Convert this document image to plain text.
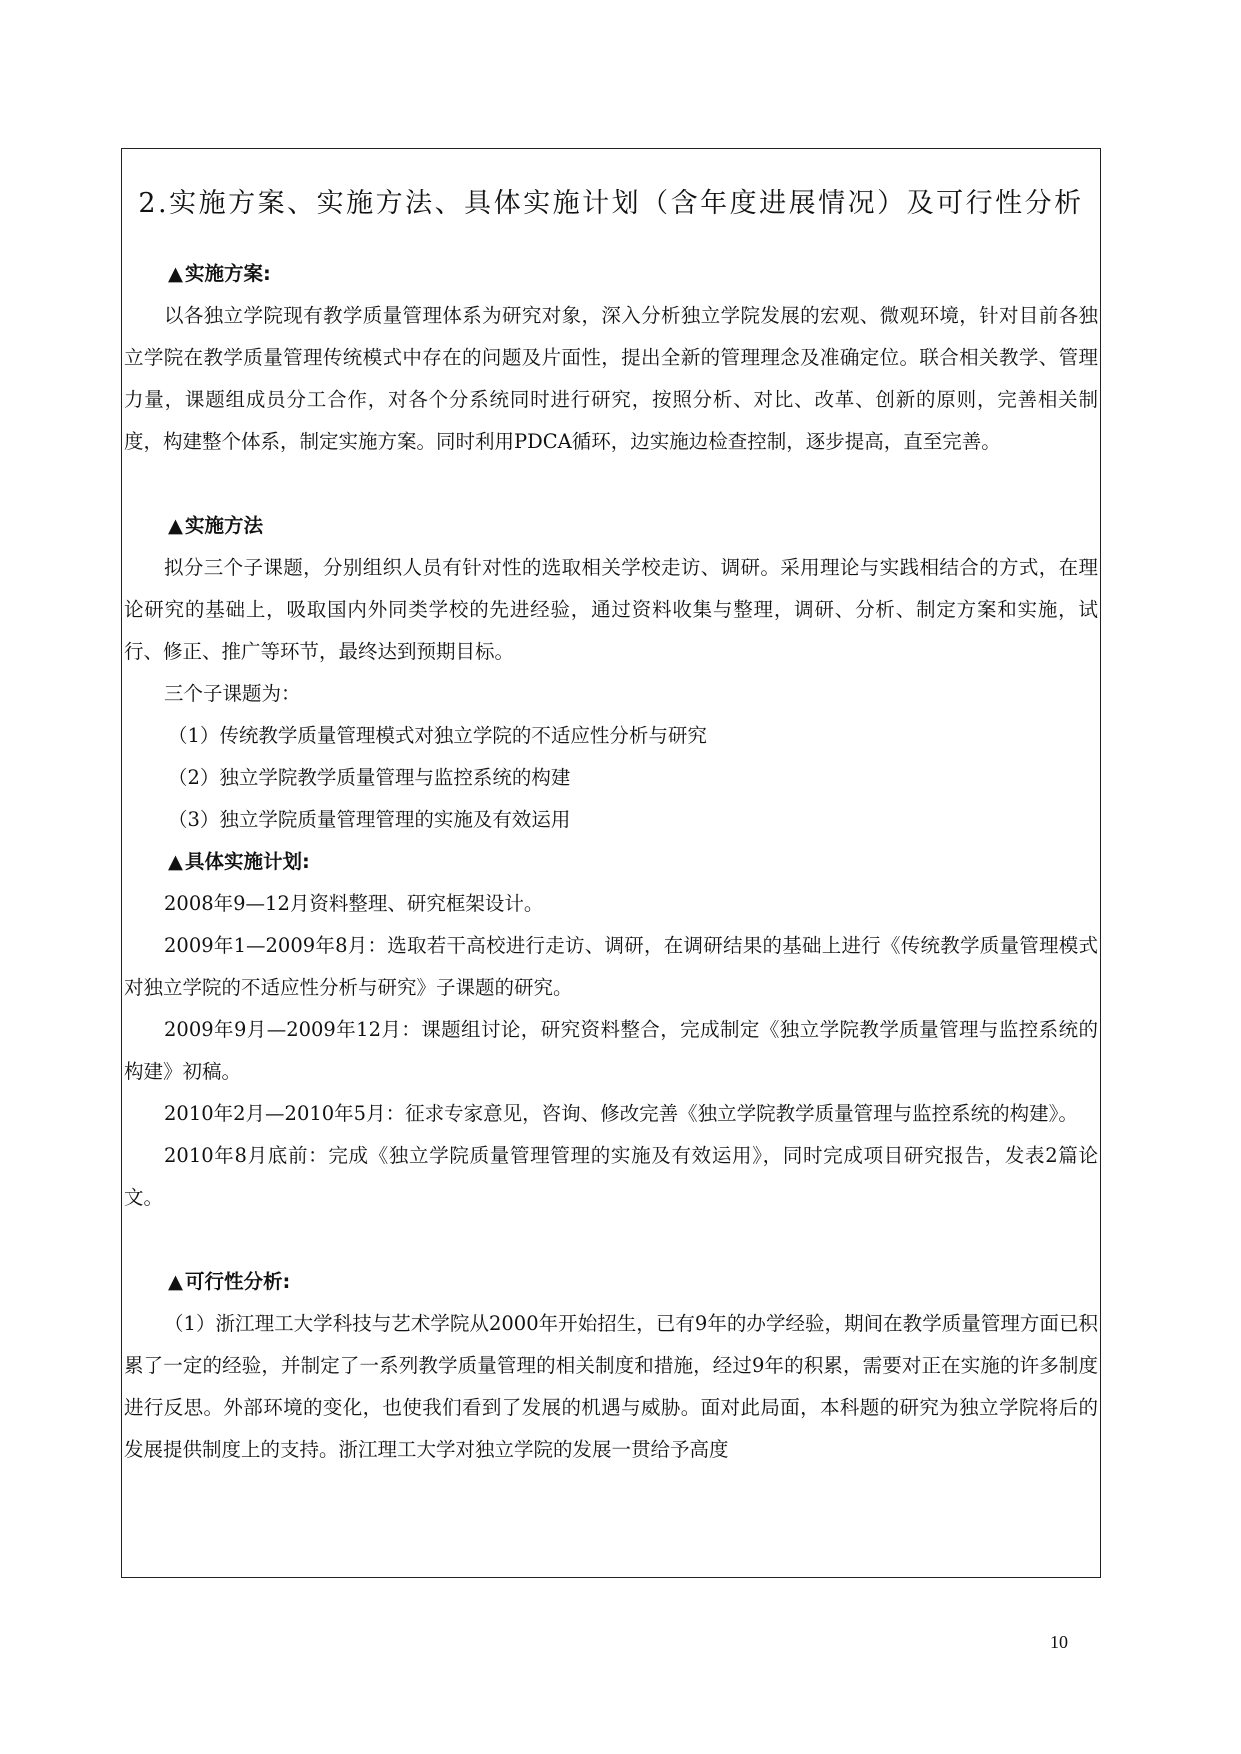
2.实施方案、实施方法、具体实施计划（含年度进展情况）及可行性分析
▲ 实施方案:

以各独立学院现有教学质量管理体系为研究对象，深入分析独立学院发展的宏观、微观环境，针对目前各独立学院在教学质量管理传统模式中存在的问题及片面性，提出全新的管理理念及准确定位。联合相关教学、管理力量，课题组成员分工合作，对各个分系统同时进行研究，按照分析、对比、改革、创新的原则，完善相关制度，构建整个体系，制定实施方案。同时利用PDCA循环，边实施边检查控制，逐步提高，直至完善。

▲ 实施方法

拟分三个子课题，分别组织人员有针对性的选取相关学校走访、调研。采用理论与实践相结合的方式，在理论研究的基础上，吸取国内外同类学校的先进经验，通过资料收集与整理，调研、分析、制定方案和实施，试行、修正、推广等环节，最终达到预期目标。

三个子课题为：

（1）传统教学质量管理模式对独立学院的不适应性分析与研究

（2）独立学院教学质量管理与监控系统的构建

（3）独立学院质量管理管理的实施及有效运用

▲ 具体实施计划:

2008年9—12月资料整理、研究框架设计。

2009年1—2009年8月：选取若干高校进行走访、调研，在调研结果的基础上进行《传统教学质量管理模式对独立学院的不适应性分析与研究》子课题的研究。

2009年9月—2009年12月：课题组讨论，研究资料整合，完成制定《独立学院教学质量管理与监控系统的构建》初稿。

2010年2月—2010年5月：征求专家意见，咨询、修改完善《独立学院教学质量管理与监控系统的构建》。

2010年8月底前：完成《独立学院质量管理管理的实施及有效运用》，同时完成项目研究报告，发表2篇论文。

▲ 可行性分析:

（1）浙江理工大学科技与艺术学院从2000年开始招生，已有9年的办学经验，期间在教学质量管理方面已积累了一定的经验，并制定了一系列教学质量管理的相关制度和措施，经过9年的积累，需要对正在实施的许多制度进行反思。外部环境的变化，也使我们看到了发展的机遇与威胁。面对此局面，本科题的研究为独立学院将后的发展提供制度上的支持。浙江理工大学对独立学院的发展一贯给予高度

10
